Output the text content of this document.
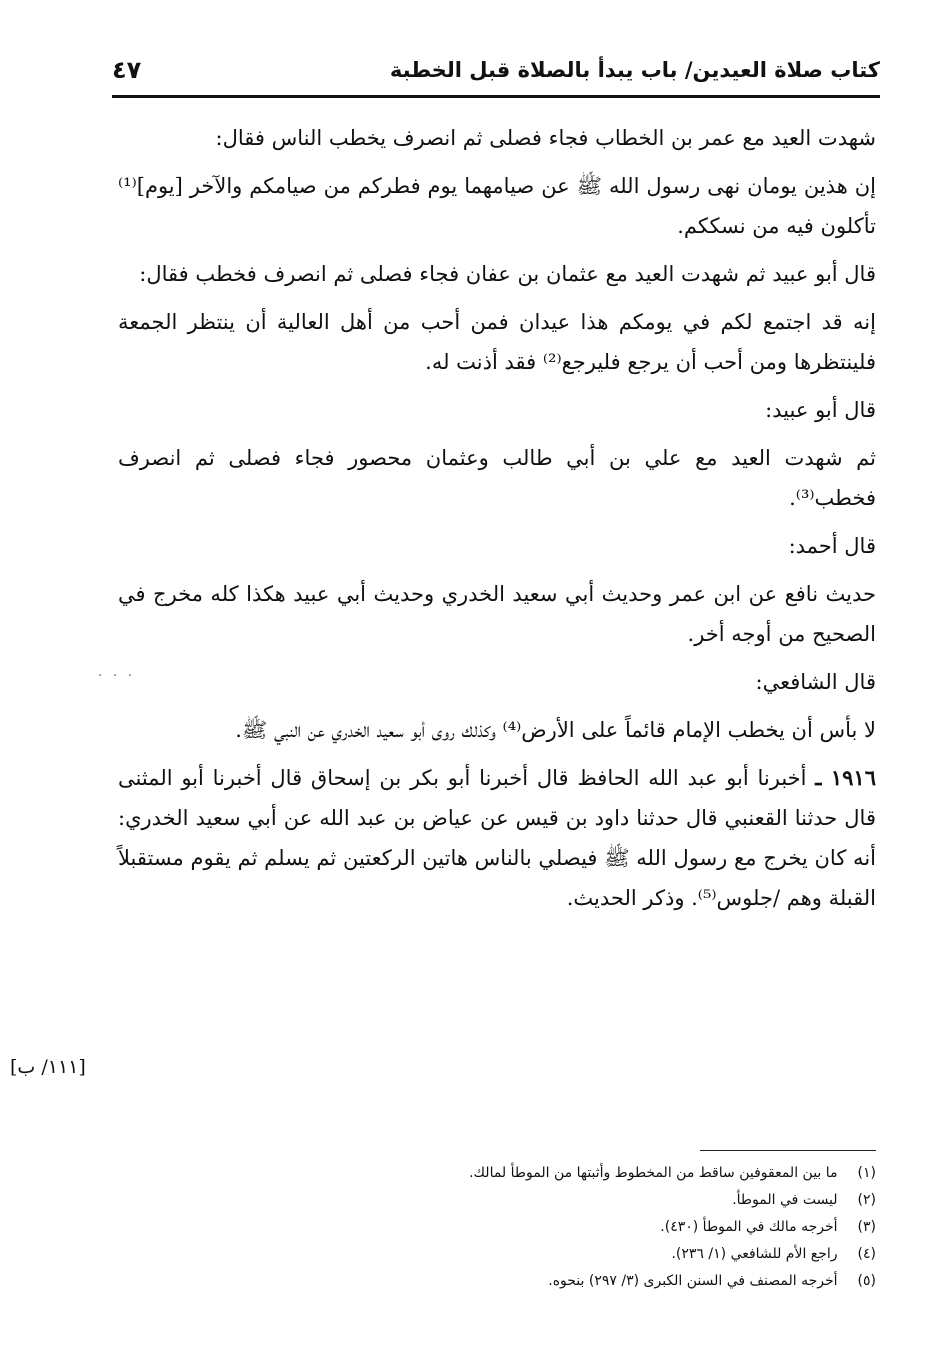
كتاب صلاة العيدين/ باب يبدأ بالصلاة قبل الخطبة
٤٧

شهدت العيد مع عمر بن الخطاب فجاء فصلى ثم انصرف يخطب الناس فقال:

إن هذين يومان نهى رسول الله ﷺ عن صيامهما يوم فطركم من صيامكم والآخر [يوم]⁽¹⁾ تأكلون فيه من نسككم.

قال أبو عبيد ثم شهدت العيد مع عثمان بن عفان فجاء فصلى ثم انصرف فخطب فقال:

إنه قد اجتمع لكم في يومكم هذا عيدان فمن أحب من أهل العالية أن ينتظر الجمعة فلينتظرها ومن أحب أن يرجع فليرجع⁽²⁾ فقد أذنت له.

قال أبو عبيد:

ثم شهدت العيد مع علي بن أبي طالب وعثمان محصور فجاء فصلى ثم انصرف فخطب⁽³⁾.

قال أحمد:

حديث نافع عن ابن عمر وحديث أبي سعيد الخدري وحديث أبي عبيد هكذا كله مخرج في الصحيح من أوجه أخر.

قال الشافعي:

لا بأس أن يخطب الإمام قائماً على الأرض⁽⁴⁾ وكذلك روى أبو سعيد الخدري عن النبي ﷺ.

١٩١٦ ـ أخبرنا أبو عبد الله الحافظ قال أخبرنا أبو بكر بن إسحاق قال أخبرنا أبو المثنى قال حدثنا القعنبي قال حدثنا داود بن قيس عن عياض بن عبد الله عن أبي سعيد الخدري: أنه كان يخرج مع رسول الله ﷺ فيصلي بالناس هاتين الركعتين ثم يسلم ثم يقوم مستقبلاً القبلة وهم /جلوس⁽⁵⁾. وذكر الحديث.

· · ·
[١١١/ ب]
(١) ما بين المعقوفين ساقط من المخطوط وأثبتها من الموطأ لمالك.
(٢) ليست في الموطأ.
(٣) أخرجه مالك في الموطأ (٤٣٠).
(٤) راجع الأم للشافعي (١/ ٢٣٦).
(٥) أخرجه المصنف في السنن الكبرى (٣/ ٢٩٧) بنحوه.
